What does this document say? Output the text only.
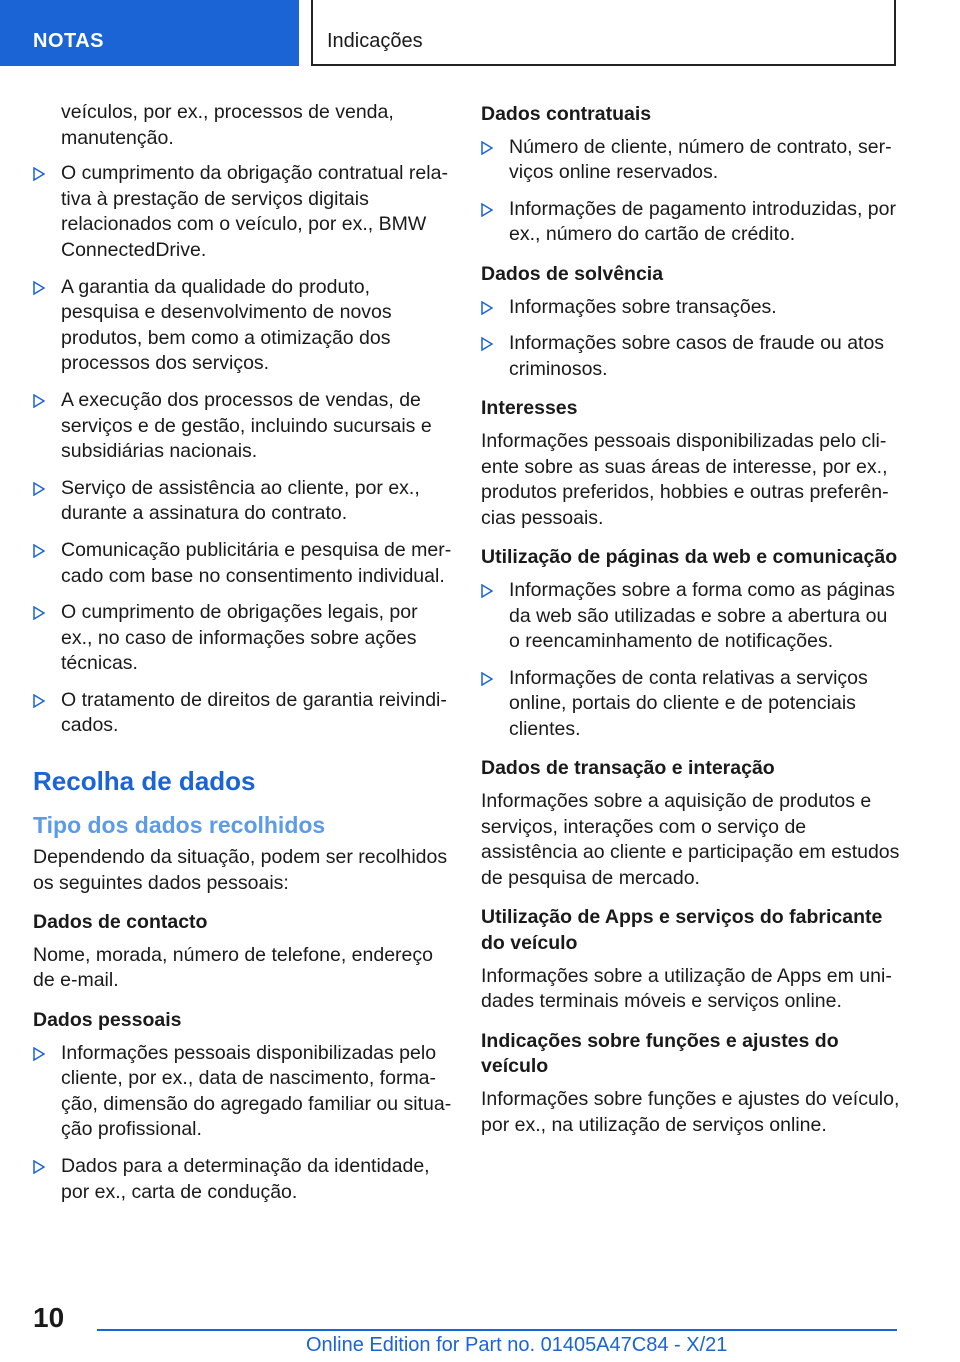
NOTAS	Indicações
veículos, por ex., processos de venda, manutenção.
O cumprimento da obrigação contratual relativa à prestação de serviços digitais relacionados com o veículo, por ex., BMW ConnectedDrive.
A garantia da qualidade do produto, pesquisa e desenvolvimento de novos produtos, bem como a otimização dos processos dos serviços.
A execução dos processos de vendas, de serviços e de gestão, incluindo sucursais e subsidiárias nacionais.
Serviço de assistência ao cliente, por ex., durante a assinatura do contrato.
Comunicação publicitária e pesquisa de mercado com base no consentimento individual.
O cumprimento de obrigações legais, por ex., no caso de informações sobre ações técnicas.
O tratamento de direitos de garantia reivindicados.
Recolha de dados
Tipo dos dados recolhidos
Dependendo da situação, podem ser recolhidos os seguintes dados pessoais:
Dados de contacto
Nome, morada, número de telefone, endereço de e-mail.
Dados pessoais
Informações pessoais disponibilizadas pelo cliente, por ex., data de nascimento, formação, dimensão do agregado familiar ou situação profissional.
Dados para a determinação da identidade, por ex., carta de condução.
Dados contratuais
Número de cliente, número de contrato, serviços online reservados.
Informações de pagamento introduzidas, por ex., número do cartão de crédito.
Dados de solvência
Informações sobre transações.
Informações sobre casos de fraude ou atos criminosos.
Interesses
Informações pessoais disponibilizadas pelo cliente sobre as suas áreas de interesse, por ex., produtos preferidos, hobbies e outras preferências pessoais.
Utilização de páginas da web e comunicação
Informações sobre a forma como as páginas da web são utilizadas e sobre a abertura ou o reencaminhamento de notificações.
Informações de conta relativas a serviços online, portais do cliente e de potenciais clientes.
Dados de transação e interação
Informações sobre a aquisição de produtos e serviços, interações com o serviço de assistência ao cliente e participação em estudos de pesquisa de mercado.
Utilização de Apps e serviços do fabricante do veículo
Informações sobre a utilização de Apps em unidades terminais móveis e serviços online.
Indicações sobre funções e ajustes do veículo
Informações sobre funções e ajustes do veículo, por ex., na utilização de serviços online.
10
Online Edition for Part no. 01405A47C84 - X/21
